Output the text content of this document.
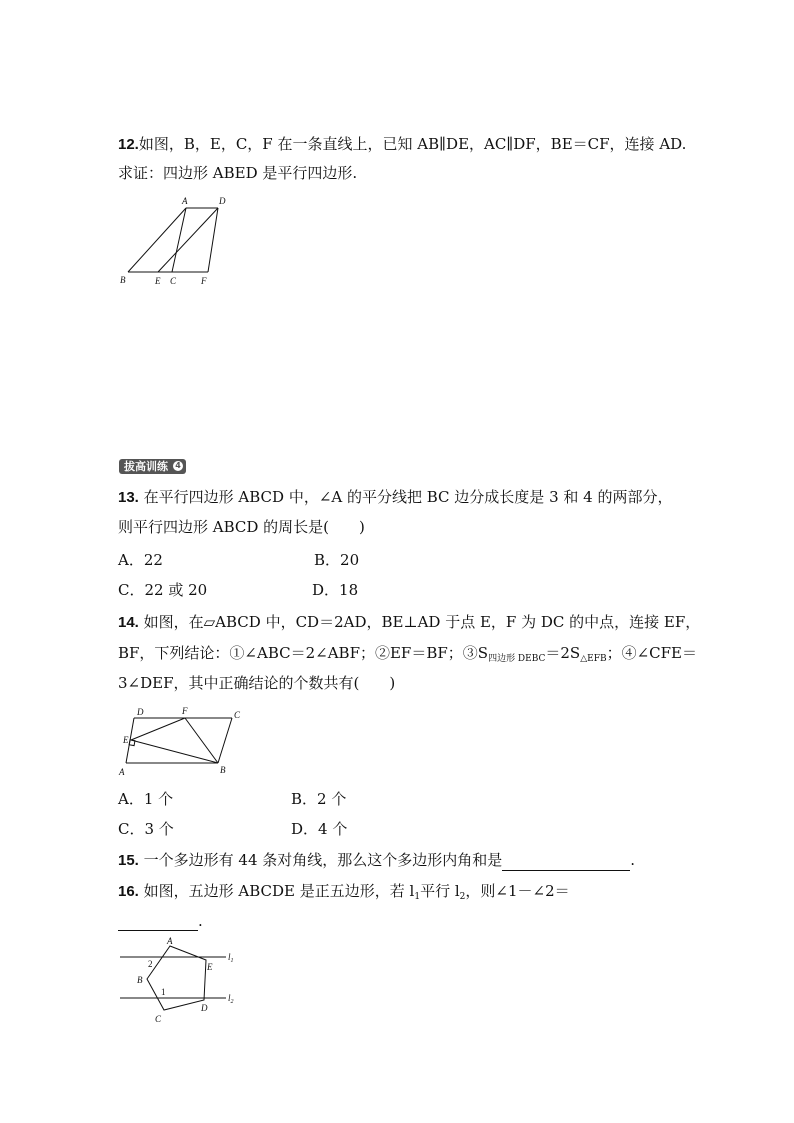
12.如图，B，E，C，F 在一条直线上，已知 AB∥DE，AC∥DF，BE＝CF，连接 AD.
求证：四边形 ABED 是平行四边形.
A	D
B	E C	F
拔高训练 4
13. 在平行四边形 ABCD 中，∠A 的平分线把 BC 边分成长度是 3 和 4 的两部分，
则平行四边形 ABCD 的周长是(　　)
A．22	B．20
C．22 或 20	D．18
14. 如图，在▱ABCD 中，CD＝2AD，BE⊥AD 于点 E，F 为 DC 的中点，连接 EF，
BF，下列结论：①∠ABC＝2∠ABF；②EF＝BF；$③S_{四边形 DEBC}=2S_{\triangle EFB}$；④∠CFE＝
3∠DEF，其中正确结论的个数共有(　　)
D	F	C
E
A	B
A．1 个	B．2 个
C．3 个	D．4 个
15. 一个多边形有 44 条对角线，那么这个多边形内角和是	.
16. 如图，五边形 ABCDE 是正五边形，若 $l_1$平行 $l_2$，则∠1－∠2＝
.
A
E
B
C
D
2
1
$l_1$
$l_2$
